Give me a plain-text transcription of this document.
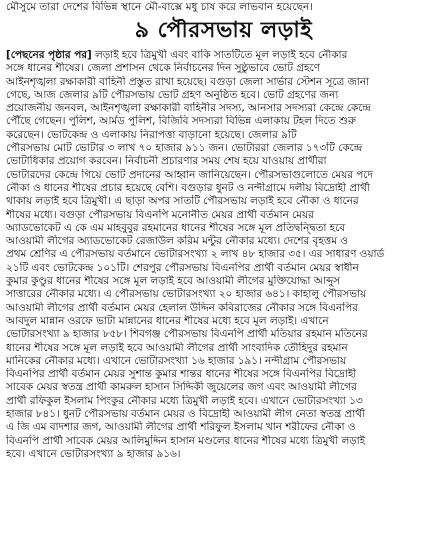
মৌসুমে তারা দেশের বিভিন্ন স্থানে মৌ-বাক্সে মধু চাষ করে লাভবান হয়েছেন।
৯ পৌরসভায় লড়াই
[পেছনের পৃষ্ঠার পর] লড়াই হবে ত্রিমুখী এবং বাকি সাতটিতে মূল লড়াই হবে নৌকার
সঙ্গে ধানের শীষের। জেলা প্রশাসন থেকে নির্বাচনের দিন সুষ্ঠুভাবে ভোট গ্রহণে
আইনশৃঙ্খলা রক্ষাকারী বাহিনী প্রস্তুত রাখা হয়েছে। বগুড়া জেলা সার্ভার স্টেশন সূত্রে জানা
গেছে, আজ জেলার ৯টি পৌরসভায় ভোট গ্রহণ অনুষ্ঠিত হবে। ভোট গ্রহণের জন্য
প্রয়োজনীয় জনবল, আইনশৃঙ্খলা রক্ষাকারী বাহিনীর সদস্য, আনসার সদস্যরা কেন্দ্রে কেন্দ্রে
পৌঁছে গেছেন। পুলিশ, আর্মড পুলিশ, বিজিবি সদস্যরা বিভিন্ন এলাকায় টহল দিতে শুরু
করেছেন। ভোটকেন্দ্র ও এলাকায় নিরাপত্তা বাড়ানো হয়েছে। জেলার ৯টি
পৌরসভায় মোট ভোটার ৩ লাখ ৭০ হাজার ৯১১ জন। ভোটাররা জেলার ১৭৩টি কেন্দ্রে
ভোটাধিকার প্রয়োগ করবেন। নির্বাচনী প্রচারণার সময় শেষ হয়ে যাওয়ায় প্রার্থীরা
ভোটারদের কেন্দ্রে গিয়ে ভোট প্রদানের আহ্বান জানিয়েছেন। পৌরসভাগুলোতে মেয়র পদে
নৌকা ও ধানের শীষের প্রচার হয়েছে বেশি। বগুড়ার ধুনট ও নন্দীগ্রামে দলীয় বিদ্রোহী প্রার্থী
থাকায় লড়াই হবে ত্রিমুখী। এ ছাড়া অপর সাতটি পৌরসভায় লড়াই হবে নৌকা ও ধানের
শীষের মধ্যে। বগুড়া পৌরসভায় বিএনপি মনোনীত মেয়র প্রার্থী বর্তমান মেয়র
অ্যাডভোকেট এ কে এম মাহবুবুর রহমানের ধানের শীষের সঙ্গে মূল প্রতিদ্বন্দ্বিতা হবে
আওয়ামী লীগের অ্যাডভোকেট রেজাউল করিম মন্টুর নৌকার মধ্যে। দেশের বৃহত্তম ও
প্রথম শ্রেণির এ পৌরসভায় বর্তমানে ভোটারসংখ্যা ২ লাখ ৪৮ হাজার ৩৫। এর সাধারণ ওয়ার্ড
২১টি এবং ভোটকেন্দ্র ১০১টি। শেরপুর পৌরসভায় বিএনপির প্রার্থী বর্তমান মেয়র স্বাধীন
কুমার কুণ্ডুর ধানের শীষের সঙ্গে মূল লড়াই হবে আওয়ামী লীগের মুক্তিযোদ্ধা আব্দুস
সাত্তারের নৌকার মধ্যে। এ পৌরসভায় ভোটারসংখ্যা ২০ হাজার ৬৪১। কাহালু পৌরসভায়
আওয়ামী লীগের প্রার্থী বর্তমান মেয়র হেলাল উদ্দিন কবিরাজের নৌকার সঙ্গে বিএনপির
আবদুল মান্নান ওরফে ভাটা মান্নানের ধানের শীষের মধ্যে হবে মূল লড়াই। এখানে
ভোটারসংখ্যা ৯ হাজার ৮৫৮। শিবগঞ্জ পৌরসভায় বিএনপি প্রার্থী মতিয়ার রহমান মতিনের
ধানের শীষের সঙ্গে মূল লড়াই হবে আওয়ামী লীগের প্রার্থী সাংবাদিক তৌহিদুর রহমান
মানিকের নৌকার মধ্যে। এখানে ভোটারসংখ্যা ১৬ হাজার ১৯১। নন্দীগ্রাম পৌরসভায়
বিএনপির প্রার্থী বর্তমান মেয়র সুশান্ত কুমার শান্তর ধানের শীষের সঙ্গে বিএনপির বিদ্রোহী
সাবেক মেয়র স্বতন্ত্র প্রার্থী কামরুল হাসান সিদ্দিকী জুয়েলের জগ এবং আওয়ামী লীগের
প্রার্থী রফিকুল ইসলাম পিংকুর নৌকার মধ্যে ত্রিমুখী লড়াই হবে। এখানে ভোটারসংখ্যা ১৩
হাজার ৮৪১। ধুনট পৌরসভায় বর্তমান মেয়র ও বিদ্রোহী আওয়ামী লীগ নেতা স্বতন্ত্র প্রার্থী
এ জি এম বাদশার জগ, আওয়ামী লীগের প্রার্থী শরিফুল ইসলাম খান শরীফের নৌকা ও
বিএনপি প্রার্থী সাবেক মেয়র আলিমুদ্দিন হাসান মণ্ডলের ধানের শীষের মধ্যে ত্রিমুখী লড়াই
হবে। এখানে ভোটারসংখ্যা ৯ হাজার ৯১৬।
